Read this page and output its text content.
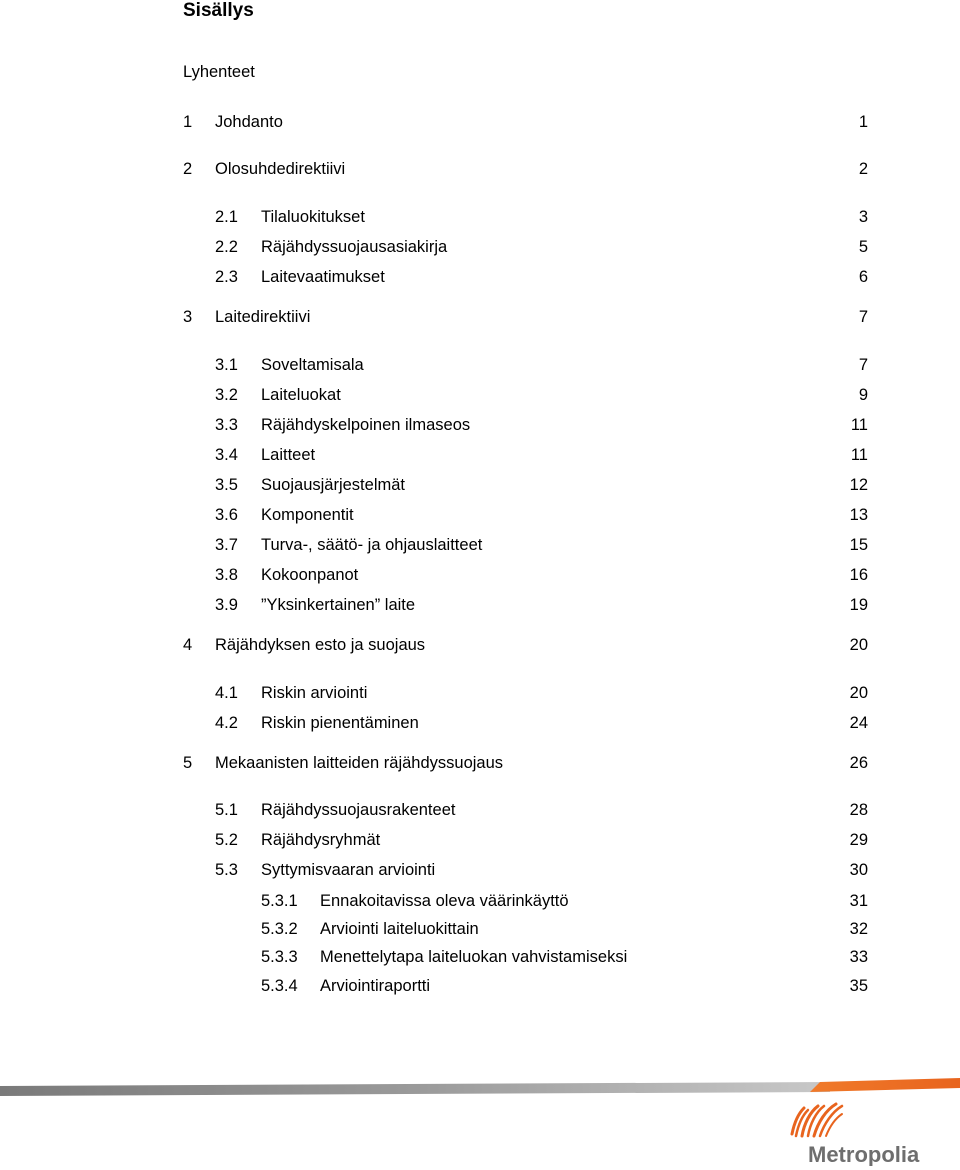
Sisällys
Lyhenteet
1 Johdanto	1
2 Olosuhdedirektiivi	2
2.1 Tilaluokitukset	3
2.2 Räjähdyssuojausasiakirja	5
2.3 Laitevaatimukset	6
3 Laitedirektiivi	7
3.1 Soveltamisala	7
3.2 Laiteluokat	9
3.3 Räjähdyskelpoinen ilmaseos	11
3.4 Laitteet	11
3.5 Suojausjärjestelmät	12
3.6 Komponentit	13
3.7 Turva-, säätö- ja ohjauslaitteet	15
3.8 Kokoonpanot	16
3.9 ”Yksinkertainen” laite	19
4 Räjähdyksen esto ja suojaus	20
4.1 Riskin arviointi	20
4.2 Riskin pienentäminen	24
5 Mekaanisten laitteiden räjähdyssuojaus	26
5.1 Räjähdyssuojausrakenteet	28
5.2 Räjähdysryhmät	29
5.3 Syttymisvaaran arviointi	30
5.3.1 Ennakoitavissa oleva väärinkäyttö	31
5.3.2 Arviointi laiteluokittain	32
5.3.3 Menettelytapa laiteluokan vahvistamiseksi	33
5.3.4 Arviointiraportti	35
Metropolia
